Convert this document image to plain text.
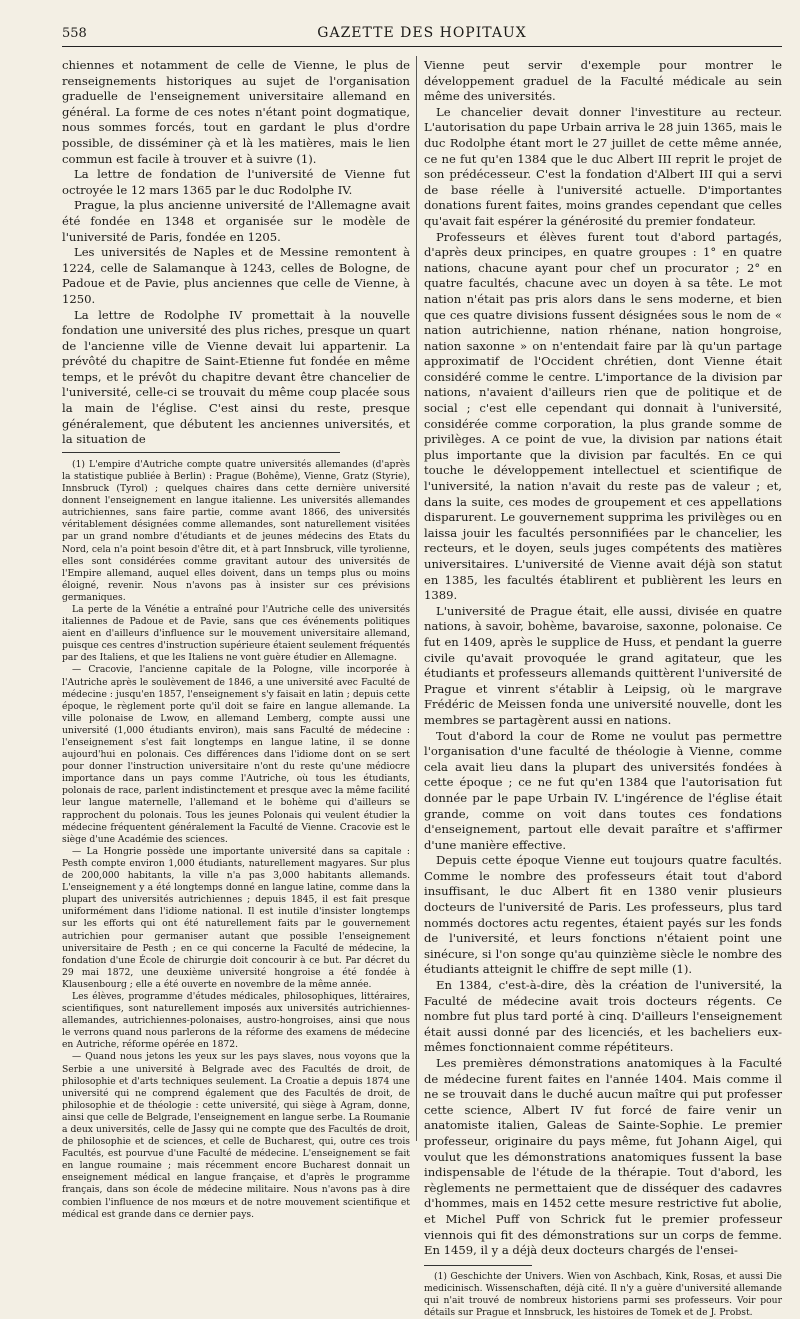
558	GAZETTE DES HOPITAUX

chiennes et notamment de celle de Vienne, le plus de renseignements historiques au sujet de l'organisation graduelle de l'enseignement universitaire allemand en général. La forme de ces notes n'étant point dogmatique, nous sommes forcés, tout en gardant le plus d'ordre possible, de disséminer çà et là les matières, mais le lien commun est facile à trouver et à suivre (1).

La lettre de fondation de l'université de Vienne fut octroyée le 12 mars 1365 par le duc Rodolphe IV.

Prague, la plus ancienne université de l'Allemagne avait été fondée en 1348 et organisée sur le modèle de l'université de Paris, fondée en 1205.

Les universités de Naples et de Messine remontent à 1224, celle de Salamanque à 1243, celles de Bologne, de Padoue et de Pavie, plus anciennes que celle de Vienne, à 1250.

La lettre de Rodolphe IV promettait à la nouvelle fondation une université des plus riches, presque un quart de l'ancienne ville de Vienne devait lui appartenir. La prévôté du chapitre de Saint-Etienne fut fondée en même temps, et le prévôt du chapitre devant être chancelier de l'université, celle-ci se trouvait du même coup placée sous la main de l'église. C'est ainsi du reste, presque généralement, que débutent les anciennes universités, et la situation de

(1) L'empire d'Autriche compte quatre universités allemandes (d'après la statistique publiée à Berlin) : Prague (Bohême), Vienne, Gratz (Styrie), Innsbruck (Tyrol) ; quelques chaires dans cette dernière université donnent l'enseignement en langue italienne. Les universités allemandes autrichiennes, sans faire partie, comme avant 1866, des universités véritablement désignées comme allemandes, sont naturellement visitées par un grand nombre d'étudiants et de jeunes médecins des Etats du Nord, cela n'a point besoin d'être dit, et à part Innsbruck, ville tyrolienne, elles sont considérées comme gravitant autour des universités de l'Empire allemand, auquel elles doivent, dans un temps plus ou moins éloigné, revenir. Nous n'avons pas à insister sur ces prévisions germaniques.

La perte de la Vénétie a entraîné pour l'Autriche celle des universités italiennes de Padoue et de Pavie, sans que ces événements politiques aient en d'ailleurs d'influence sur le mouvement universitaire allemand, puisque ces centres d'instruction supérieure étaient seulement fréquentés par des Italiens, et que les Italiens ne vont guère étudier en Allemagne.

— Cracovie, l'ancienne capitale de la Pologne, ville incorporée à l'Autriche après le soulèvement de 1846, a une université avec Faculté de médecine : jusqu'en 1857, l'enseignement s'y faisait en latin ; depuis cette époque, le règlement porte qu'il doit se faire en langue allemande. La ville polonaise de Lwow, en allemand Lemberg, compte aussi une université (1,000 étudiants environ), mais sans Faculté de médecine : l'enseignement s'est fait longtemps en langue latine, il se donne aujourd'hui en polonais. Ces différences dans l'idiome dont on se sert pour donner l'instruction universitaire n'ont du reste qu'une médiocre importance dans un pays comme l'Autriche, où tous les étudiants, polonais de race, parlent indistinctement et presque avec la même facilité leur langue maternelle, l'allemand et le bohème qui d'ailleurs se rapprochent du polonais. Tous les jeunes Polonais qui veulent étudier la médecine fréquentent généralement la Faculté de Vienne. Cracovie est le siège d'une Académie des sciences.

— La Hongrie possède une importante université dans sa capitale : Pesth compte environ 1,000 étudiants, naturellement magyares. Sur plus de 200,000 habitants, la ville n'a pas 3,000 habitants allemands. L'enseignement y a été longtemps donné en langue latine, comme dans la plupart des universités autrichiennes ; depuis 1845, il est fait presque uniformément dans l'idiome national. Il est inutile d'insister longtemps sur les efforts qui ont été naturellement faits par le gouvernement autrichien pour germaniser autant que possible l'enseignement universitaire de Pesth ; en ce qui concerne la Faculté de médecine, la fondation d'une École de chirurgie doit concourir à ce but. Par décret du 29 mai 1872, une deuxième université hongroise a été fondée à Klausenbourg ; elle a été ouverte en novembre de la même année.

Les élèves, programme d'études médicales, philosophiques, littéraires, scientifiques, sont naturellement imposés aux universités autrichiennes-allemandes, autrichiennes-polonaises, austro-hongroises, ainsi que nous le verrons quand nous parlerons de la réforme des examens de médecine en Autriche, réforme opérée en 1872.

— Quand nous jetons les yeux sur les pays slaves, nous voyons que la Serbie a une université à Belgrade avec des Facultés de droit, de philosophie et d'arts techniques seulement. La Croatie a depuis 1874 une université qui ne comprend également que des Facultés de droit, de philosophie et de théologie : cette université, qui siège à Agram, donne, ainsi que celle de Belgrade, l'enseignement en langue serbe. La Roumanie a deux universités, celle de Jassy qui ne compte que des Facultés de droit, de philosophie et de sciences, et celle de Bucharest, qui, outre ces trois Facultés, est pourvue d'une Faculté de médecine. L'enseignement se fait en langue roumaine ; mais récemment encore Bucharest donnait un enseignement médical en langue française, et d'après le programme français, dans son école de médecine militaire. Nous n'avons pas à dire combien l'influence de nos mœurs et de notre mouvement scientifique et médical est grande dans ce dernier pays.

Vienne peut servir d'exemple pour montrer le développement graduel de la Faculté médicale au sein même des universités.

Le chancelier devait donner l'investiture au recteur. L'autorisation du pape Urbain arriva le 28 juin 1365, mais le duc Rodolphe étant mort le 27 juillet de cette même année, ce ne fut qu'en 1384 que le duc Albert III reprit le projet de son prédécesseur. C'est la fondation d'Albert III qui a servi de base réelle à l'université actuelle. D'importantes donations furent faites, moins grandes cependant que celles qu'avait fait espérer la générosité du premier fondateur.

Professeurs et élèves furent tout d'abord partagés, d'après deux principes, en quatre groupes : 1° en quatre nations, chacune ayant pour chef un procurator ; 2° en quatre facultés, chacune avec un doyen à sa tête. Le mot nation n'était pas pris alors dans le sens moderne, et bien que ces quatre divisions fussent désignées sous le nom de « nation autrichienne, nation rhénane, nation hongroise, nation saxonne » on n'entendait faire par là qu'un partage approximatif de l'Occident chrétien, dont Vienne était considéré comme le centre. L'importance de la division par nations, n'avaient d'ailleurs rien que de politique et de social ; c'est elle cependant qui donnait à l'université, considérée comme corporation, la plus grande somme de privilèges. A ce point de vue, la division par nations était plus importante que la division par facultés. En ce qui touche le développement intellectuel et scientifique de l'université, la nation n'avait du reste pas de valeur ; et, dans la suite, ces modes de groupement et ces appellations disparurent. Le gouvernement supprima les privilèges ou en laissa jouir les facultés personnifiées par le chancelier, les recteurs, et le doyen, seuls juges compétents des matières universitaires. L'université de Vienne avait déjà son statut en 1385, les facultés établirent et publièrent les leurs en 1389.

L'université de Prague était, elle aussi, divisée en quatre nations, à savoir, bohème, bavaroise, saxonne, polonaise. Ce fut en 1409, après le supplice de Huss, et pendant la guerre civile qu'avait provoquée le grand agitateur, que les étudiants et professeurs allemands quittèrent l'université de Prague et vinrent s'établir à Leipsig, où le margrave Frédéric de Meissen fonda une université nouvelle, dont les membres se partagèrent aussi en nations.

Tout d'abord la cour de Rome ne voulut pas permettre l'organisation d'une faculté de théologie à Vienne, comme cela avait lieu dans la plupart des universités fondées à cette époque ; ce ne fut qu'en 1384 que l'autorisation fut donnée par le pape Urbain IV. L'ingérence de l'église était grande, comme on voit dans toutes ces fondations d'enseignement, partout elle devait paraître et s'affirmer d'une manière effective.

Depuis cette époque Vienne eut toujours quatre facultés. Comme le nombre des professeurs était tout d'abord insuffisant, le duc Albert fit en 1380 venir plusieurs docteurs de l'université de Paris. Les professeurs, plus tard nommés doctores actu regentes, étaient payés sur les fonds de l'université, et leurs fonctions n'étaient point une sinécure, si l'on songe qu'au quinzième siècle le nombre des étudiants atteignit le chiffre de sept mille (1).

En 1384, c'est-à-dire, dès la création de l'université, la Faculté de médecine avait trois docteurs régents. Ce nombre fut plus tard porté à cinq. D'ailleurs l'enseignement était aussi donné par des licenciés, et les bacheliers eux-mêmes fonctionnaient comme répétiteurs.

Les premières démonstrations anatomiques à la Faculté de médecine furent faites en l'année 1404. Mais comme il ne se trouvait dans le duché aucun maître qui put professer cette science, Albert IV fut forcé de faire venir un anatomiste italien, Galeas de Sainte-Sophie. Le premier professeur, originaire du pays même, fut Johann Aigel, qui voulut que les démonstrations anatomiques fussent la base indispensable de l'étude de la thérapie. Tout d'abord, les règlements ne permettaient que de disséquer des cadavres d'hommes, mais en 1452 cette mesure restrictive fut abolie, et Michel Puff von Schrick fut le premier professeur viennois qui fit des démonstrations sur un corps de femme. En 1459, il y a déjà deux docteurs chargés de l'ensei-

(1) Geschichte der Univers. Wien von Aschbach, Kink, Rosas, et aussi Die medicinisch. Wissenschaften, déjà cité. Il n'y a guère d'université allemande qui n'ait trouvé de nombreux historiens parmi ses professeurs. Voir pour détails sur Prague et Innsbruck, les histoires de Tomek et de J. Probst.
